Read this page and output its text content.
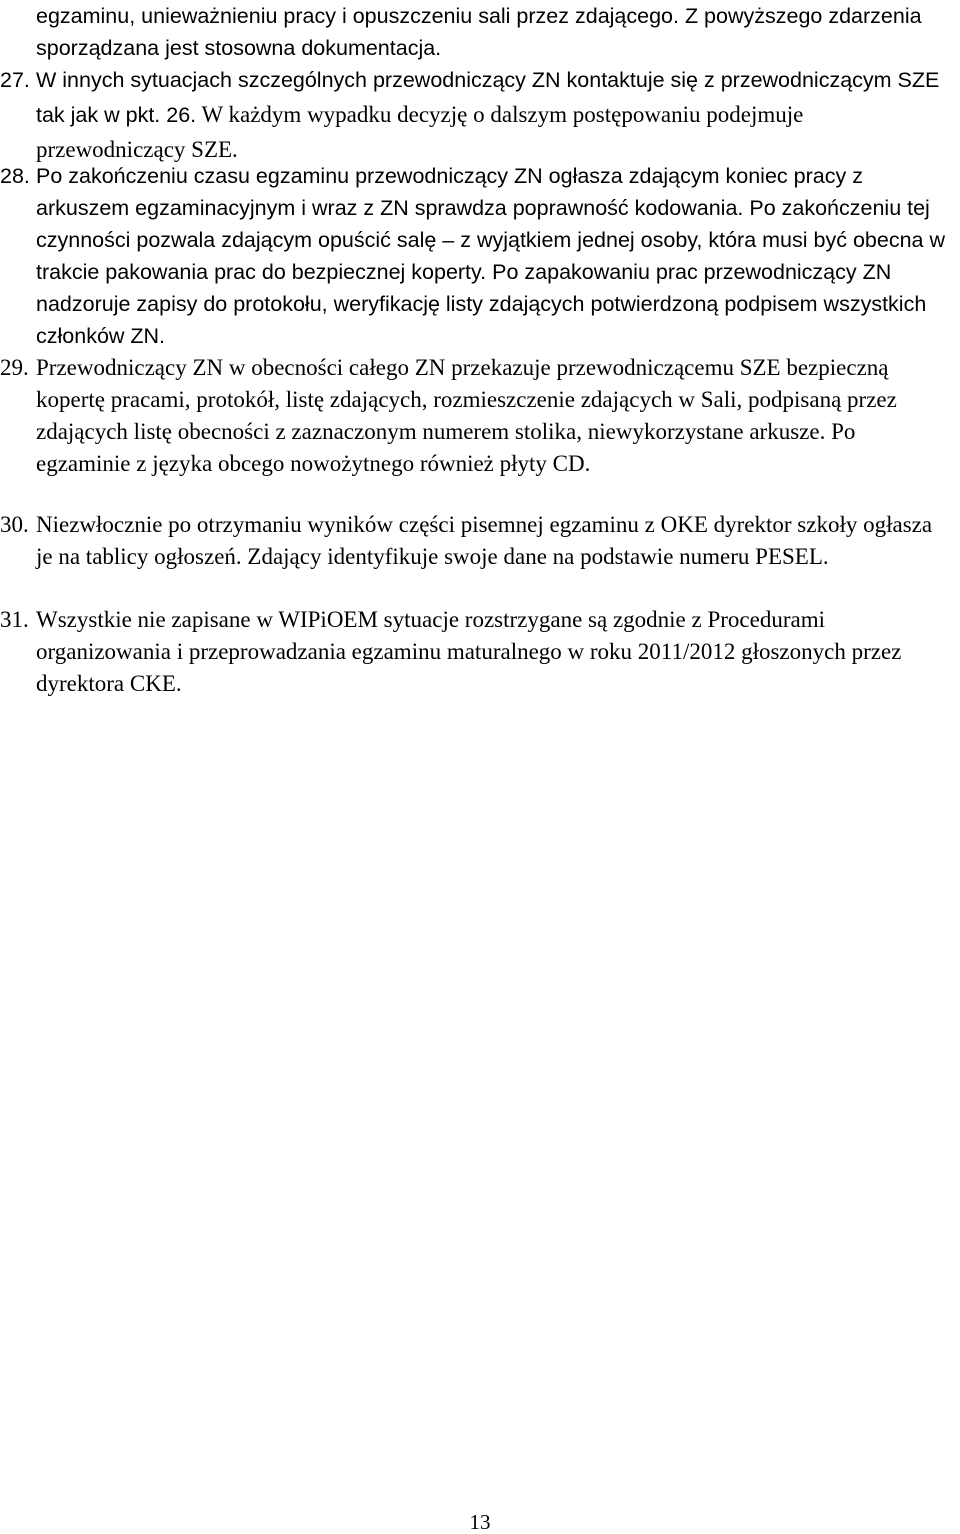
egzaminu, unieważnieniu pracy i opuszczeniu sali przez zdającego. Z powyższego zdarzenia sporządzana jest stosowna dokumentacja.
27. W innych sytuacjach szczególnych przewodniczący ZN kontaktuje się z przewodniczącym SZE tak jak w pkt. 26. W każdym wypadku decyzję o dalszym postępowaniu podejmuje przewodniczący SZE.
28. Po zakończeniu czasu egzaminu przewodniczący ZN ogłasza zdającym koniec pracy z arkuszem egzaminacyjnym i wraz z ZN sprawdza poprawność kodowania. Po zakończeniu tej czynności pozwala zdającym opuścić salę – z wyjątkiem jednej osoby, która musi być obecna w trakcie pakowania prac do bezpiecznej koperty. Po zapakowaniu prac przewodniczący ZN nadzoruje zapisy do protokołu, weryfikację listy zdających potwierdzoną podpisem wszystkich członków ZN.
29. Przewodniczący ZN w obecności całego ZN przekazuje przewodniczącemu SZE bezpieczną kopertę pracami, protokół, listę zdających, rozmieszczenie zdających w Sali, podpisaną przez zdających listę obecności z zaznaczonym numerem stolika, niewykorzystane arkusze. Po egzaminie z języka obcego nowożytnego również płyty CD.
30. Niezwłocznie po otrzymaniu wyników części pisemnej egzaminu z OKE dyrektor szkoły ogłasza je na tablicy ogłoszeń. Zdający identyfikuje swoje dane na podstawie numeru PESEL.
31. Wszystkie nie zapisane w WIPiOEM sytuacje rozstrzygane są zgodnie z Procedurami organizowania i przeprowadzania egzaminu maturalnego w roku 2011/2012 głoszonych przez dyrektora CKE.
13
